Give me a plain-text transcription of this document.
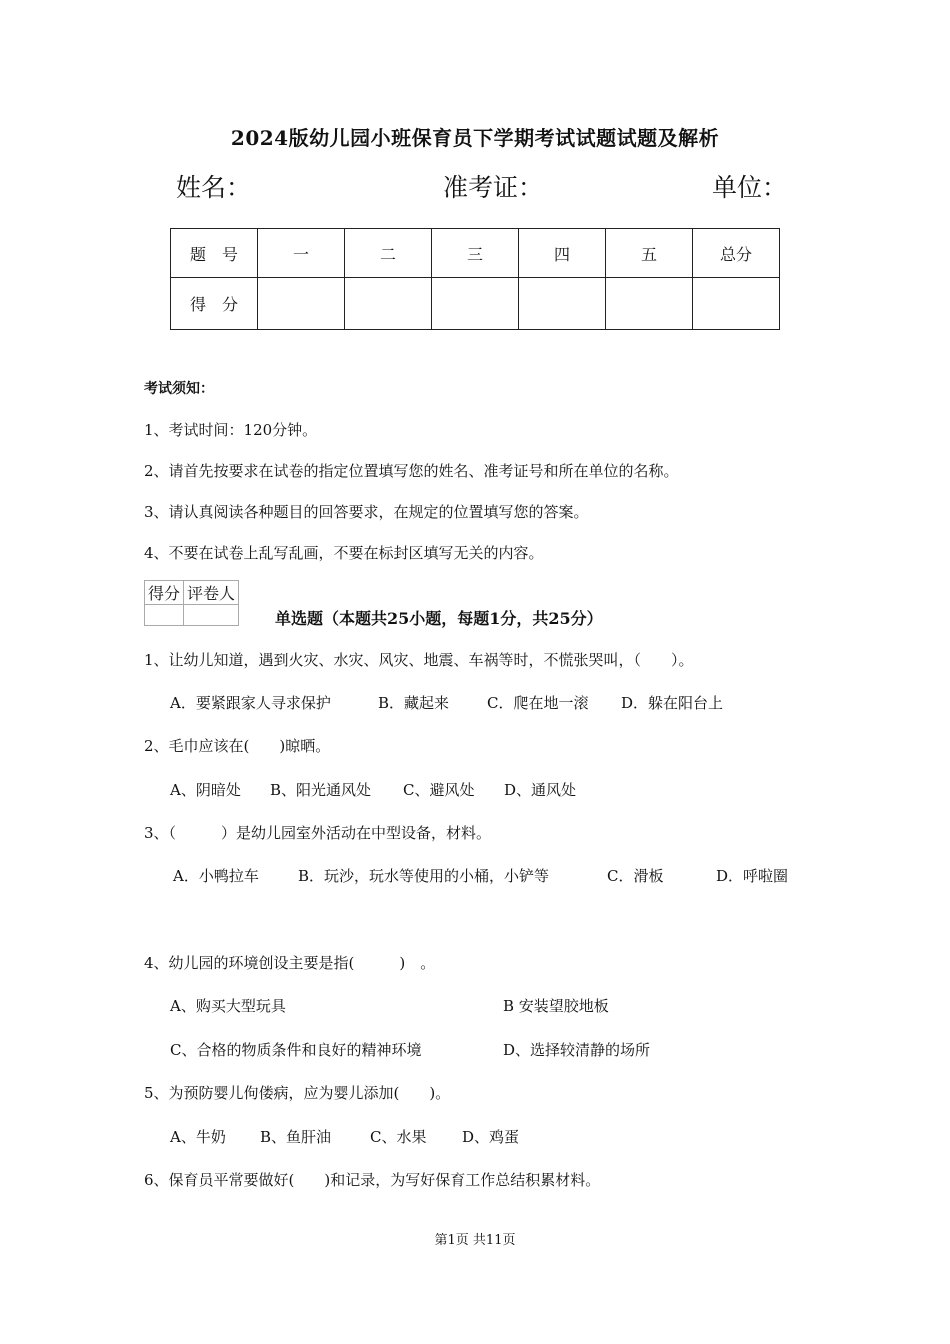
2024版幼儿园小班保育员下学期考试试题试题及解析
姓名：	准考证：	单位：
题　号	一	二	三	四	五	总分
得　分						
考试须知：
1、考试时间：120分钟。
2、请首先按要求在试卷的指定位置填写您的姓名、准考证号和所在单位的名称。
3、请认真阅读各种题目的回答要求，在规定的位置填写您的答案。
4、不要在试卷上乱写乱画，不要在标封区填写无关的内容。
得分	评卷人

单选题（本题共25小题，每题1分，共25分）
1、让幼儿知道，遇到火灾、水灾、风灾、地震、车祸等时，不慌张哭叫，（　　）。
A．要紧跟家人寻求保护	B．藏起来	C．爬在地一滚 D．躲在阳台上
2、毛巾应该在(　　)晾晒。
A、阴暗处 B、阳光通风处 C、避风处 D、通风处
3、（　　　）是幼儿园室外活动在中型设备，材料。
A．小鸭拉车	B．玩沙，玩水等使用的小桶，小铲等	C．滑板	D．呼啦圈
4、幼儿园的环境创设主要是指(　　　)　。
A、购买大型玩具	B 安装望胶地板
C、合格的物质条件和良好的精神环境	D、选择较清静的场所
5、为预防婴儿佝偻病，应为婴儿添加(　　)。
A、牛奶 B、鱼肝油	C、水果 D、鸡蛋
6、保育员平常要做好(　　)和记录，为写好保育工作总结积累材料。
第1页 共11页
